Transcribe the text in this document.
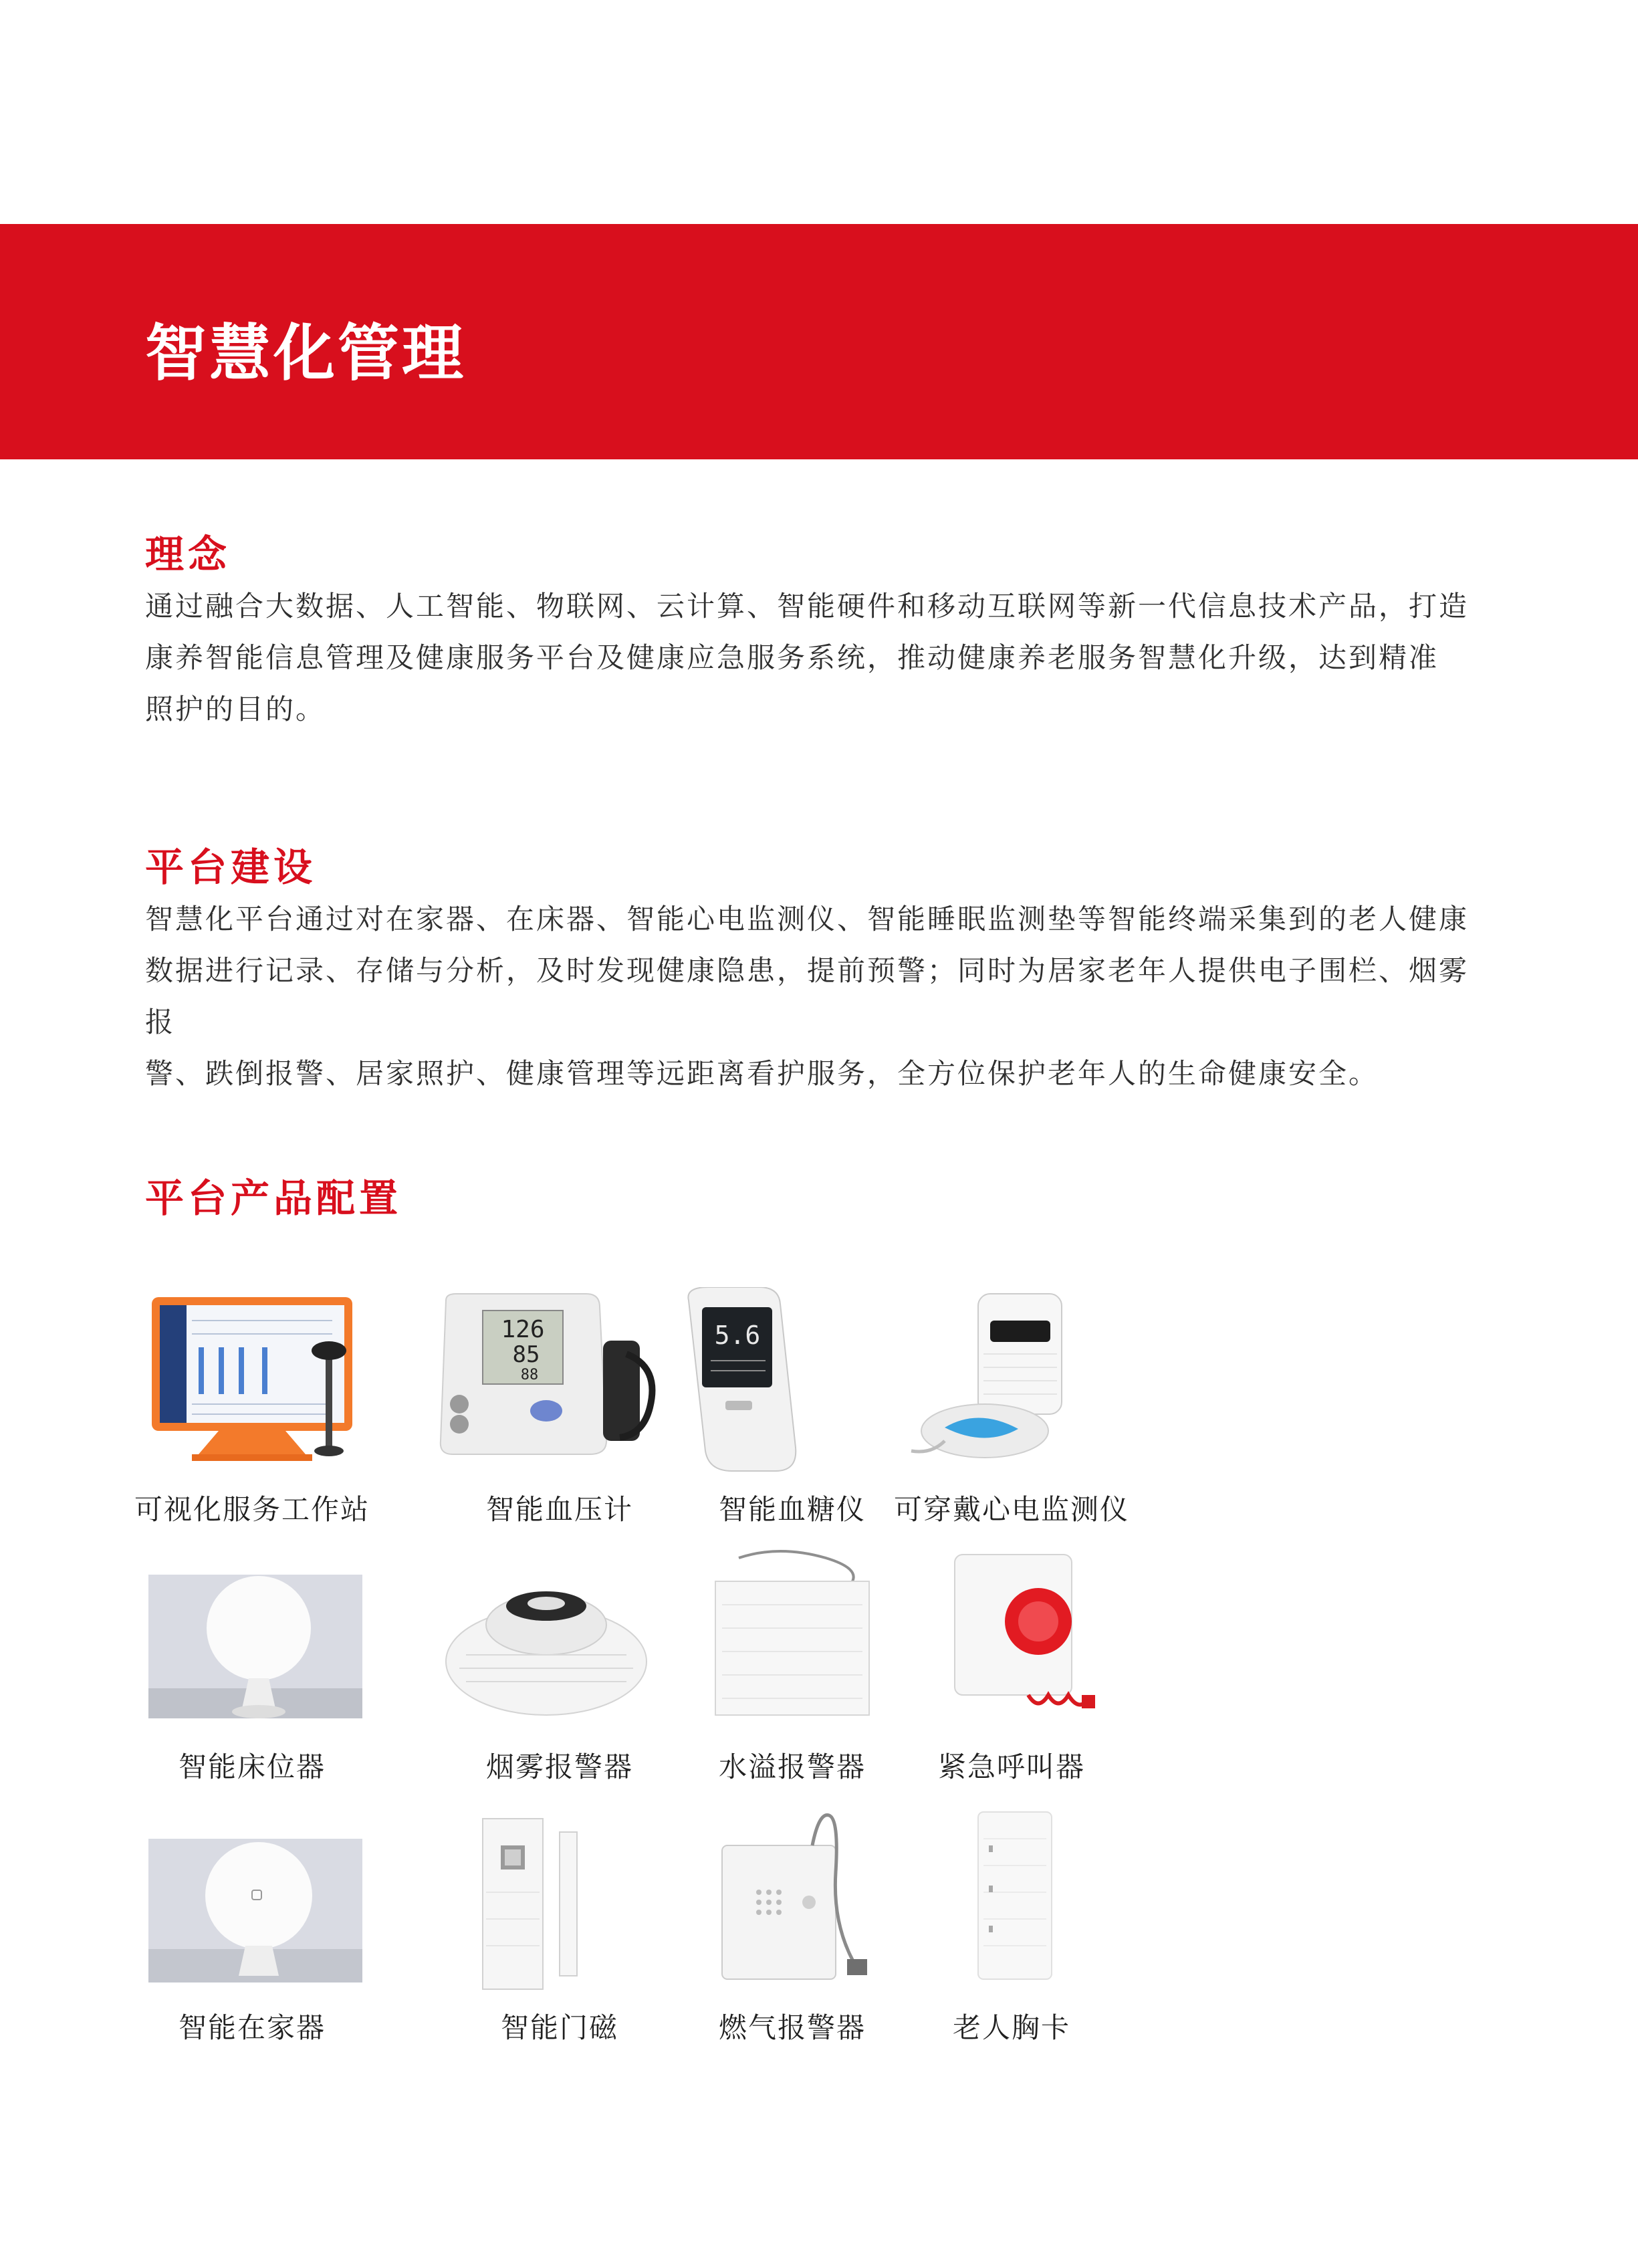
智慧化管理
理念
通过融合大数据、人工智能、物联网、云计算、智能硬件和移动互联网等新一代信息技术产品，打造
康养智能信息管理及健康服务平台及健康应急服务系统，推动健康养老服务智慧化升级，达到精准
照护的目的。
平台建设
智慧化平台通过对在家器、在床器、智能心电监测仪、智能睡眠监测垫等智能终端采集到的老人健康
数据进行记录、存储与分析，及时发现健康隐患，提前预警；同时为居家老年人提供电子围栏、烟雾报
警、跌倒报警、居家照护、健康管理等远距离看护服务，全方位保护老年人的生命健康安全。
平台产品配置
可视化服务工作站
126
85
88
智能血压计
5.6
智能血糖仪 可穿戴心电监测仪
智能床位器	烟雾报警器	水溢报警器	紧急呼叫器
智能在家器	智能门磁	燃气报警器	老人胸卡
